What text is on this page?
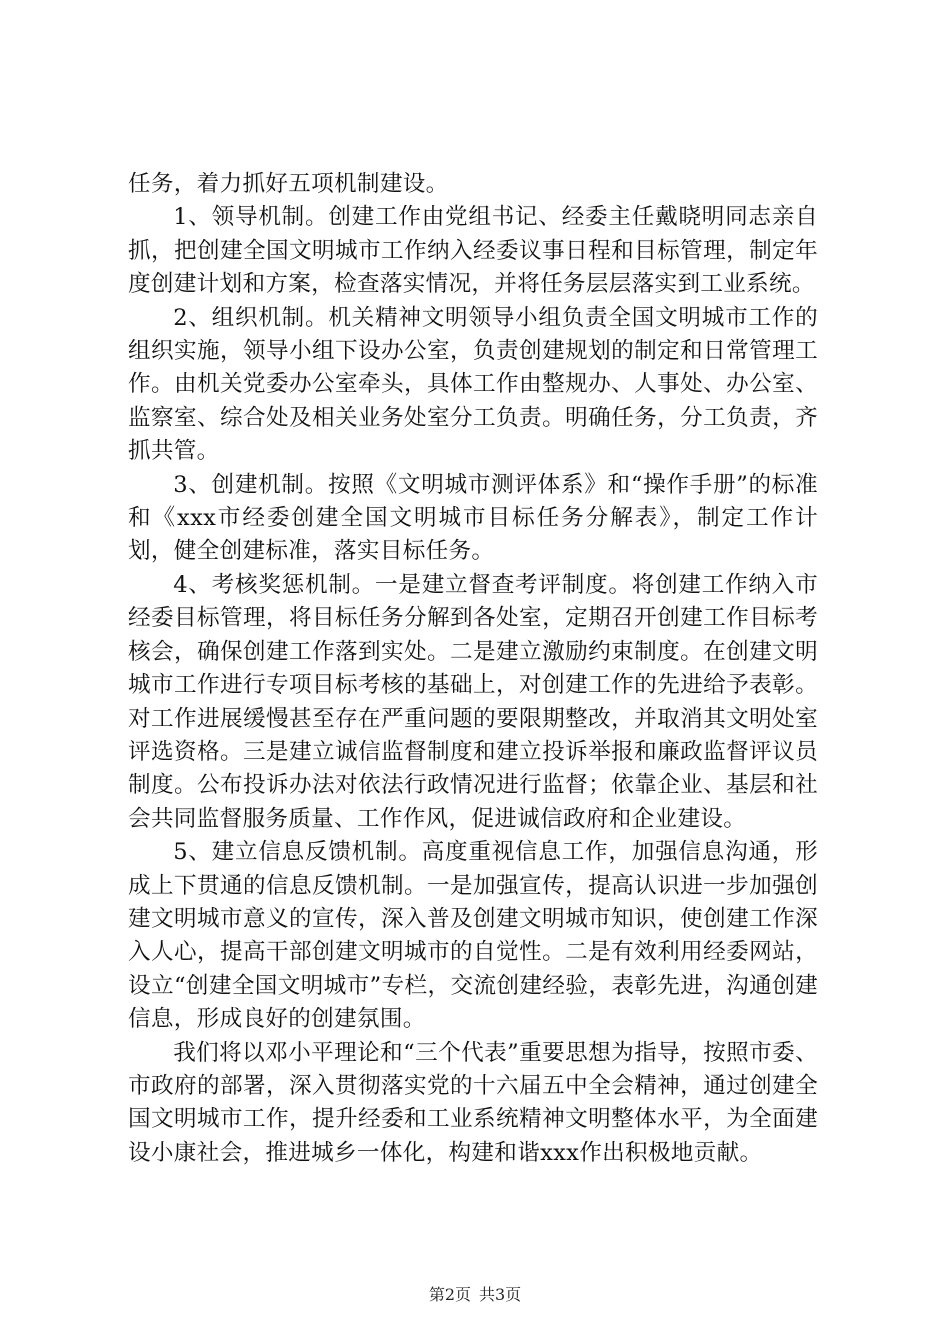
任务，着力抓好五项机制建设。

1、领导机制。创建工作由党组书记、经委主任戴晓明同志亲自抓，把创建全国文明城市工作纳入经委议事日程和目标管理，制定年度创建计划和方案，检查落实情况，并将任务层层落实到工业系统。

2、组织机制。机关精神文明领导小组负责全国文明城市工作的组织实施，领导小组下设办公室，负责创建规划的制定和日常管理工作。由机关党委办公室牵头，具体工作由整规办、人事处、办公室、监察室、综合处及相关业务处室分工负责。明确任务，分工负责，齐抓共管。

3、创建机制。按照《文明城市测评体系》和“操作手册”的标准和《xxx市经委创建全国文明城市目标任务分解表》，制定工作计划，健全创建标准，落实目标任务。

4、考核奖惩机制。一是建立督查考评制度。将创建工作纳入市经委目标管理，将目标任务分解到各处室，定期召开创建工作目标考核会，确保创建工作落到实处。二是建立激励约束制度。在创建文明城市工作进行专项目标考核的基础上，对创建工作的先进给予表彰。对工作进展缓慢甚至存在严重问题的要限期整改，并取消其文明处室评选资格。三是建立诚信监督制度和建立投诉举报和廉政监督评议员制度。公布投诉办法对依法行政情况进行监督；依靠企业、基层和社会共同监督服务质量、工作作风，促进诚信政府和企业建设。

5、建立信息反馈机制。高度重视信息工作，加强信息沟通，形成上下贯通的信息反馈机制。一是加强宣传，提高认识进一步加强创建文明城市意义的宣传，深入普及创建文明城市知识，使创建工作深入人心，提高干部创建文明城市的自觉性。二是有效利用经委网站，设立“创建全国文明城市”专栏，交流创建经验，表彰先进，沟通创建信息，形成良好的创建氛围。

我们将以邓小平理论和“三个代表”重要思想为指导，按照市委、市政府的部署，深入贯彻落实党的十六届五中全会精神，通过创建全国文明城市工作，提升经委和工业系统精神文明整体水平，为全面建设小康社会，推进城乡一体化，构建和谐xxx作出积极地贡献。

第2页 共3页
